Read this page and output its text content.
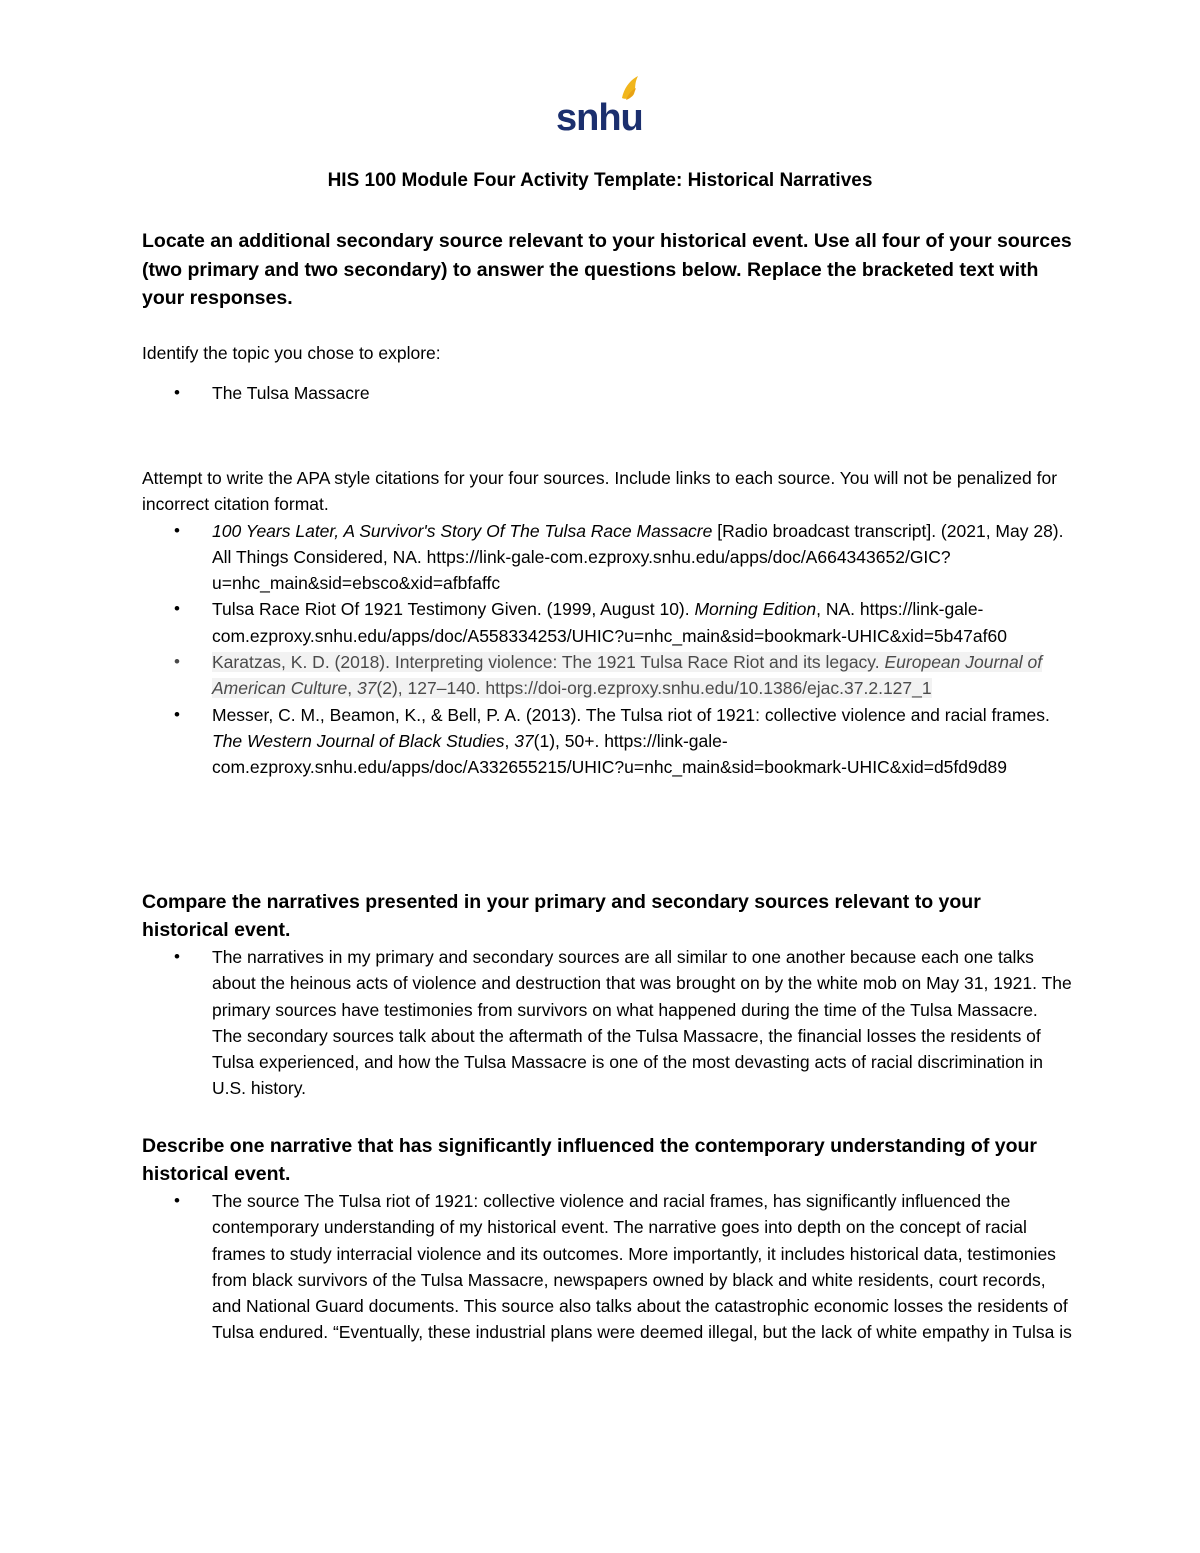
snhu
HIS 100 Module Four Activity Template: Historical Narratives
Locate an additional secondary source relevant to your historical event. Use all four of your sources (two primary and two secondary) to answer the questions below. Replace the bracketed text with your responses.
Identify the topic you chose to explore:
• The Tulsa Massacre
Attempt to write the APA style citations for your four sources. Include links to each source. You will not be penalized for incorrect citation format.
• 100 Years Later, A Survivor's Story Of The Tulsa Race Massacre [Radio broadcast transcript]. (2021, May 28). All Things Considered, NA. https://link-gale-com.ezproxy.snhu.edu/apps/doc/A664343652/GIC?u=nhc_main&sid=ebsco&xid=afbfaffc
• Tulsa Race Riot Of 1921 Testimony Given. (1999, August 10). Morning Edition, NA. https://link-gale-com.ezproxy.snhu.edu/apps/doc/A558334253/UHIC?u=nhc_main&sid=bookmark-UHIC&xid=5b47af60
• Karatzas, K. D. (2018). Interpreting violence: The 1921 Tulsa Race Riot and its legacy. European Journal of American Culture, 37(2), 127–140. https://doi-org.ezproxy.snhu.edu/10.1386/ejac.37.2.127_1
• Messer, C. M., Beamon, K., & Bell, P. A. (2013). The Tulsa riot of 1921: collective violence and racial frames. The Western Journal of Black Studies, 37(1), 50+. https://link-gale-com.ezproxy.snhu.edu/apps/doc/A332655215/UHIC?u=nhc_main&sid=bookmark-UHIC&xid=d5fd9d89
Compare the narratives presented in your primary and secondary sources relevant to your historical event.
• The narratives in my primary and secondary sources are all similar to one another because each one talks about the heinous acts of violence and destruction that was brought on by the white mob on May 31, 1921. The primary sources have testimonies from survivors on what happened during the time of the Tulsa Massacre. The secondary sources talk about the aftermath of the Tulsa Massacre, the financial losses the residents of Tulsa experienced, and how the Tulsa Massacre is one of the most devasting acts of racial discrimination in U.S. history.
Describe one narrative that has significantly influenced the contemporary understanding of your historical event.
• The source The Tulsa riot of 1921: collective violence and racial frames, has significantly influenced the contemporary understanding of my historical event. The narrative goes into depth on the concept of racial frames to study interracial violence and its outcomes. More importantly, it includes historical data, testimonies from black survivors of the Tulsa Massacre, newspapers owned by black and white residents, court records, and National Guard documents. This source also talks about the catastrophic economic losses the residents of Tulsa endured. “Eventually, these industrial plans were deemed illegal, but the lack of white empathy in Tulsa is
